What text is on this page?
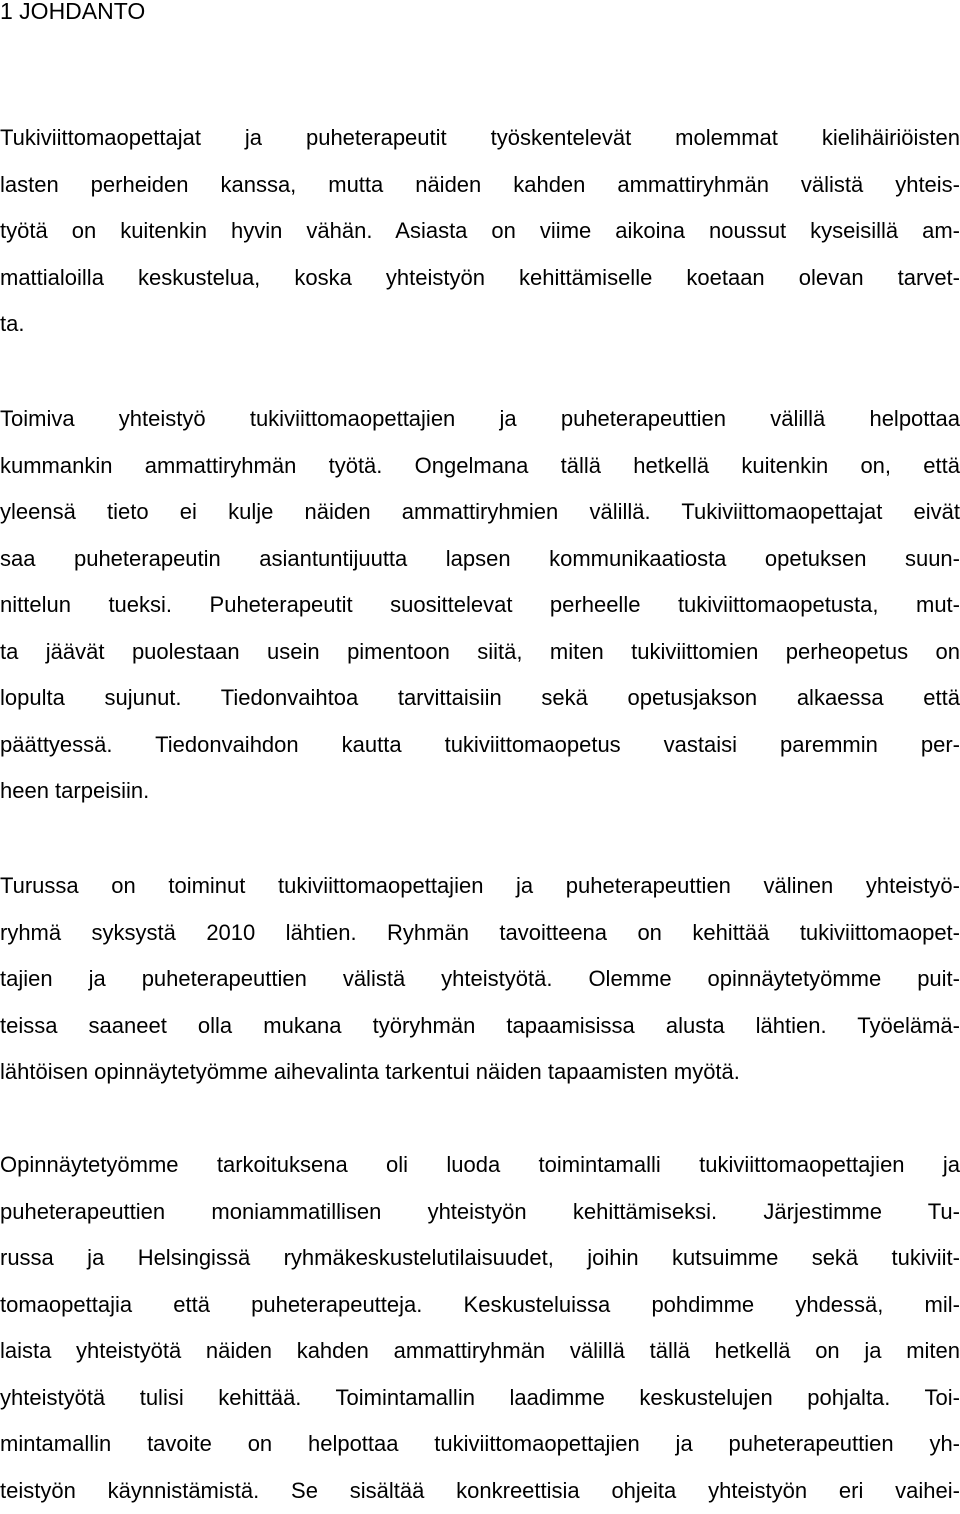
1 JOHDANTO
Tukiviittomaopettajat ja puheterapeutit työskentelevät molemmat kielihäiriöisten
lasten perheiden kanssa, mutta näiden kahden ammattiryhmän välistä yhteis-
työtä on kuitenkin hyvin vähän. Asiasta on viime aikoina noussut kyseisillä am-
mattialoilla keskustelua, koska yhteistyön kehittämiselle koetaan olevan tarvet-
ta.
Toimiva yhteistyö tukiviittomaopettajien ja puheterapeuttien välillä helpottaa
kummankin ammattiryhmän työtä. Ongelmana tällä hetkellä kuitenkin on, että
yleensä tieto ei kulje näiden ammattiryhmien välillä. Tukiviittomaopettajat eivät
saa puheterapeutin asiantuntijuutta lapsen kommunikaatiosta opetuksen suun-
nittelun tueksi. Puheterapeutit suosittelevat perheelle tukiviittomaopetusta, mut-
ta jäävät puolestaan usein pimentoon siitä, miten tukiviittomien perheopetus on
lopulta sujunut. Tiedonvaihtoa tarvittaisiin sekä opetusjakson alkaessa että
päättyessä. Tiedonvaihdon kautta tukiviittomaopetus vastaisi paremmin per-
heen tarpeisiin.
Turussa on toiminut tukiviittomaopettajien ja puheterapeuttien välinen yhteistyö-
ryhmä syksystä 2010 lähtien. Ryhmän tavoitteena on kehittää tukiviittomaopet-
tajien ja puheterapeuttien välistä yhteistyötä. Olemme opinnäytetyömme puit-
teissa saaneet olla mukana työryhmän tapaamisissa alusta lähtien. Työelämä-
lähtöisen opinnäytetyömme aihevalinta tarkentui näiden tapaamisten myötä.
Opinnäytetyömme tarkoituksena oli luoda toimintamalli tukiviittomaopettajien ja
puheterapeuttien moniammatillisen yhteistyön kehittämiseksi. Järjestimme Tu-
russa ja Helsingissä ryhmäkeskustelutilaisuudet, joihin kutsuimme sekä tukiviit-
tomaopettajia että puheterapeutteja. Keskusteluissa pohdimme yhdessä, mil-
laista yhteistyötä näiden kahden ammattiryhmän välillä tällä hetkellä on ja miten
yhteistyötä tulisi kehittää. Toimintamallin laadimme keskustelujen pohjalta. Toi-
mintamallin tavoite on helpottaa tukiviittomaopettajien ja puheterapeuttien yh-
teistyön käynnistämistä. Se sisältää konkreettisia ohjeita yhteistyön eri vaihei-
